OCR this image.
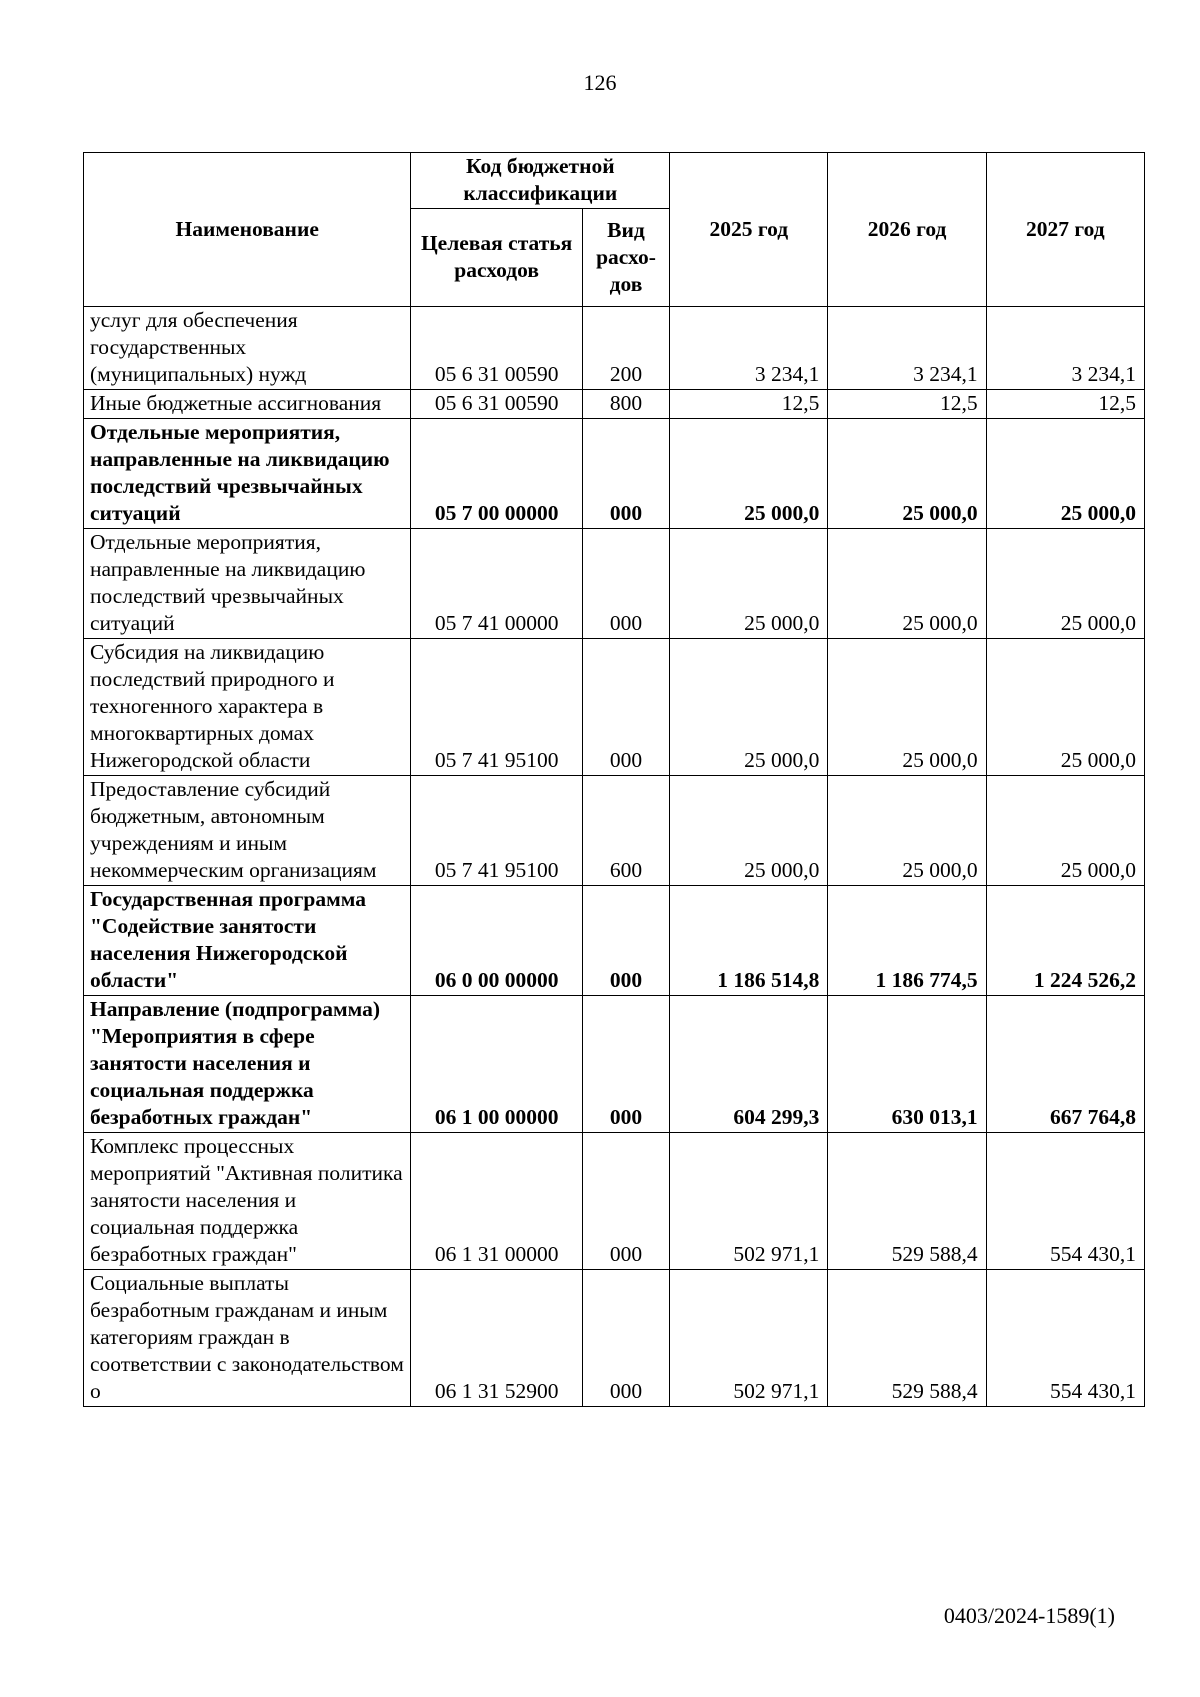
126
Наименование	Код бюджетной классификации		2025 год	2026 год	2027 год
	Целевая статья расходов	Вид расхо-дов			
услуг для обеспечения государственных (муниципальных) нужд	05 6 31 00590	200	3 234,1	3 234,1	3 234,1
Иные бюджетные ассигнования	05 6 31 00590	800	12,5	12,5	12,5
Отдельные мероприятия, направленные на ликвидацию последствий чрезвычайных ситуаций	05 7 00 00000	000	25 000,0	25 000,0	25 000,0
Отдельные мероприятия, направленные на ликвидацию последствий чрезвычайных ситуаций	05 7 41 00000	000	25 000,0	25 000,0	25 000,0
Субсидия на ликвидацию последствий природного и техногенного характера в многоквартирных домах Нижегородской области	05 7 41 95100	000	25 000,0	25 000,0	25 000,0
Предоставление субсидий бюджетным, автономным учреждениям и иным некоммерческим организациям	05 7 41 95100	600	25 000,0	25 000,0	25 000,0
Государственная программа "Содействие занятости населения Нижегородской области"	06 0 00 00000	000	1 186 514,8	1 186 774,5	1 224 526,2
Направление (подпрограмма) "Мероприятия в сфере занятости населения и социальная поддержка безработных граждан"	06 1 00 00000	000	604 299,3	630 013,1	667 764,8
Комплекс процессных мероприятий "Активная политика занятости населения и социальная поддержка безработных граждан"	06 1 31 00000	000	502 971,1	529 588,4	554 430,1
Социальные выплаты безработным гражданам и иным категориям граждан в соответствии с законодательством о	06 1 31 52900	000	502 971,1	529 588,4	554 430,1
0403/2024-1589(1)
